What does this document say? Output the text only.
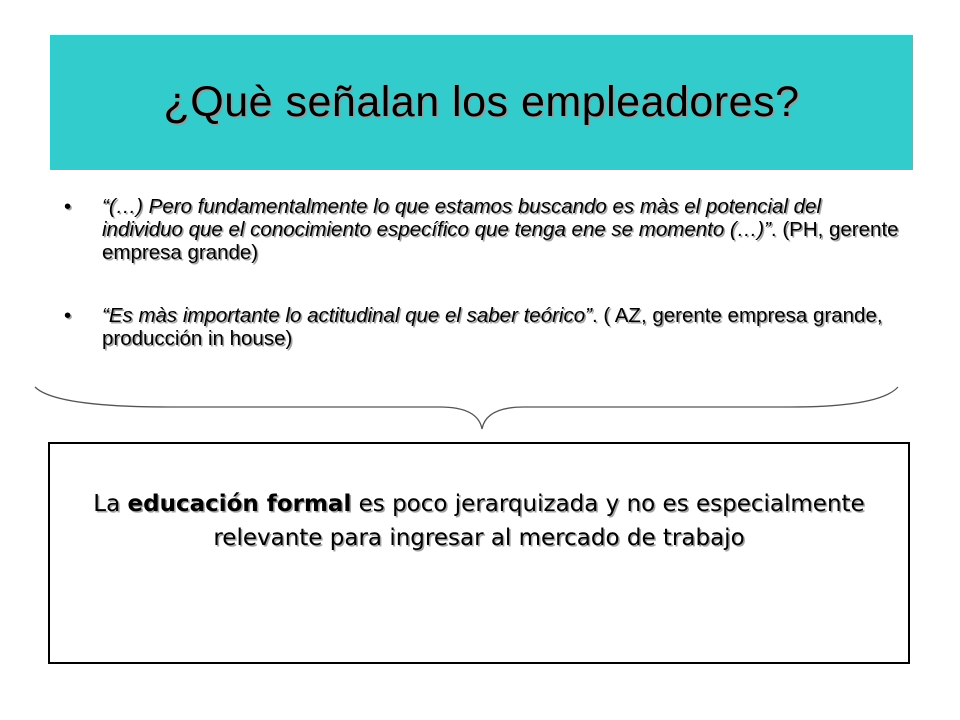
¿Què señalan los empleadores?
• “(…) Pero fundamentalmente lo que estamos buscando es màs el potencial del individuo que el conocimiento específico que tenga ene se momento (…)”. (PH, gerente empresa grande)
• “Es màs importante lo actitudinal que el saber teórico”. ( AZ, gerente empresa grande, producción in house)
La educación formal es poco jerarquizada y no es especialmente relevante para ingresar al mercado de trabajo
